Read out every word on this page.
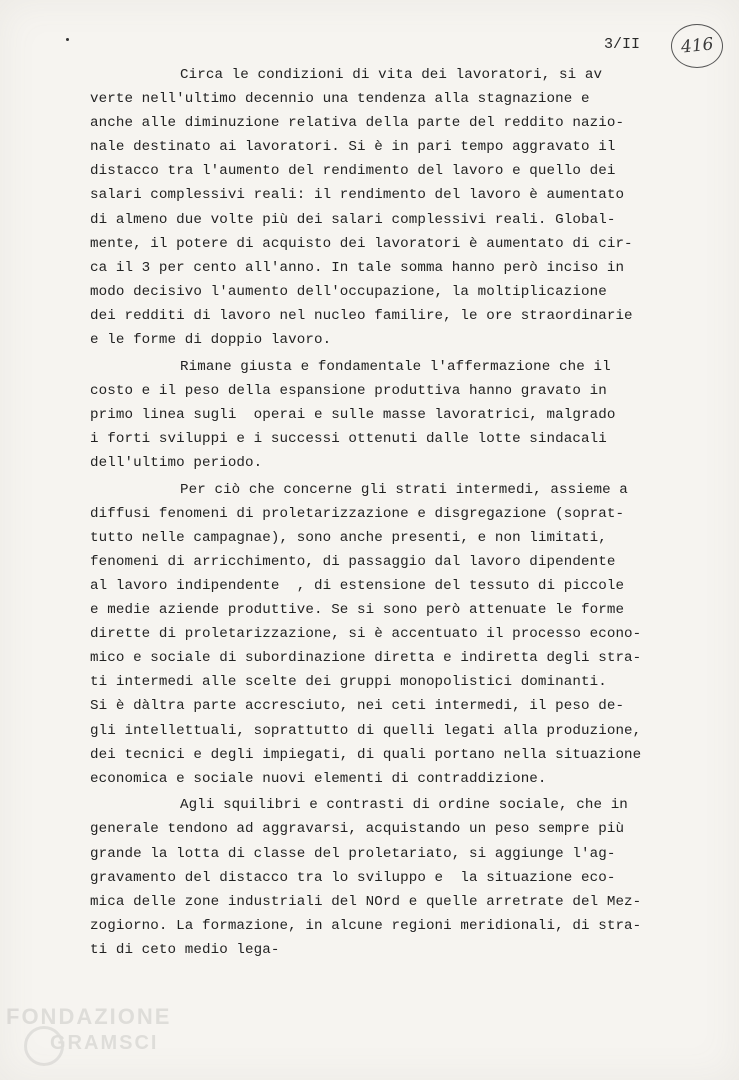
3/II 416
Circa le condizioni di vita dei lavoratori, si av
verte nell'ultimo decennio una tendenza alla stagnazione e
anche alle diminuzione relativa della parte del reddito nazio-
nale destinato ai lavoratori. Si è in pari tempo aggravato il
distacco tra l'aumento del rendimento del lavoro e quello dei
salari complessivi reali: il rendimento del lavoro è aumentato
di almeno due volte più dei salari complessivi reali. Global-
mente, il potere di acquisto dei lavoratori è aumentato di cir-
ca il 3 per cento all'anno. In tale somma hanno però inciso in
modo decisivo l'aumento dell'occupazione, la moltiplicazione
dei redditi di lavoro nel nucleo familire, le ore straordinarie
e le forme di doppio lavoro.
Rimane giusta e fondamentale l'affermazione che il
costo e il peso della espansione produttiva hanno gravato in
primo linea sugli  operai e sulle masse lavoratrici, malgrado
i forti sviluppi e i successi ottenuti dalle lotte sindacali
dell'ultimo periodo.
Per ciò che concerne gli strati intermedi, assieme a
diffusi fenomeni di proletarizzazione e disgregazione (soprat-
tutto nelle campagnae), sono anche presenti, e non limitati,
fenomeni di arricchimento, di passaggio dal lavoro dipendente
al lavoro indipendente  , di estensione del tessuto di piccole
e medie aziende produttive. Se si sono però attenuate le forme
dirette di proletarizzazione, si è accentuato il processo econo-
mico e sociale di subordinazione diretta e indiretta degli stra-
ti intermedi alle scelte dei gruppi monopolistici dominanti.
Si è dàltra parte accresciuto, nei ceti intermedi, il peso de-
gli intellettuali, soprattutto di quelli legati alla produzione,
dei tecnici e degli impiegati, di quali portano nella situazione
economica e sociale nuovi elementi di contraddizione.
Agli squilibri e contrasti di ordine sociale, che in
generale tendono ad aggravarsi, acquistando un peso sempre più
grande la lotta di classe del proletariato, si aggiunge l'ag-
gravamento del distacco tra lo sviluppo e  la situazione eco-
mica delle zone industriali del NOrd e quelle arretrate del Mez-
zogiorno. La formazione, in alcune regioni meridionali, di stra-
ti di ceto medio lega-
FONDAZIONE
GRAMSCI
